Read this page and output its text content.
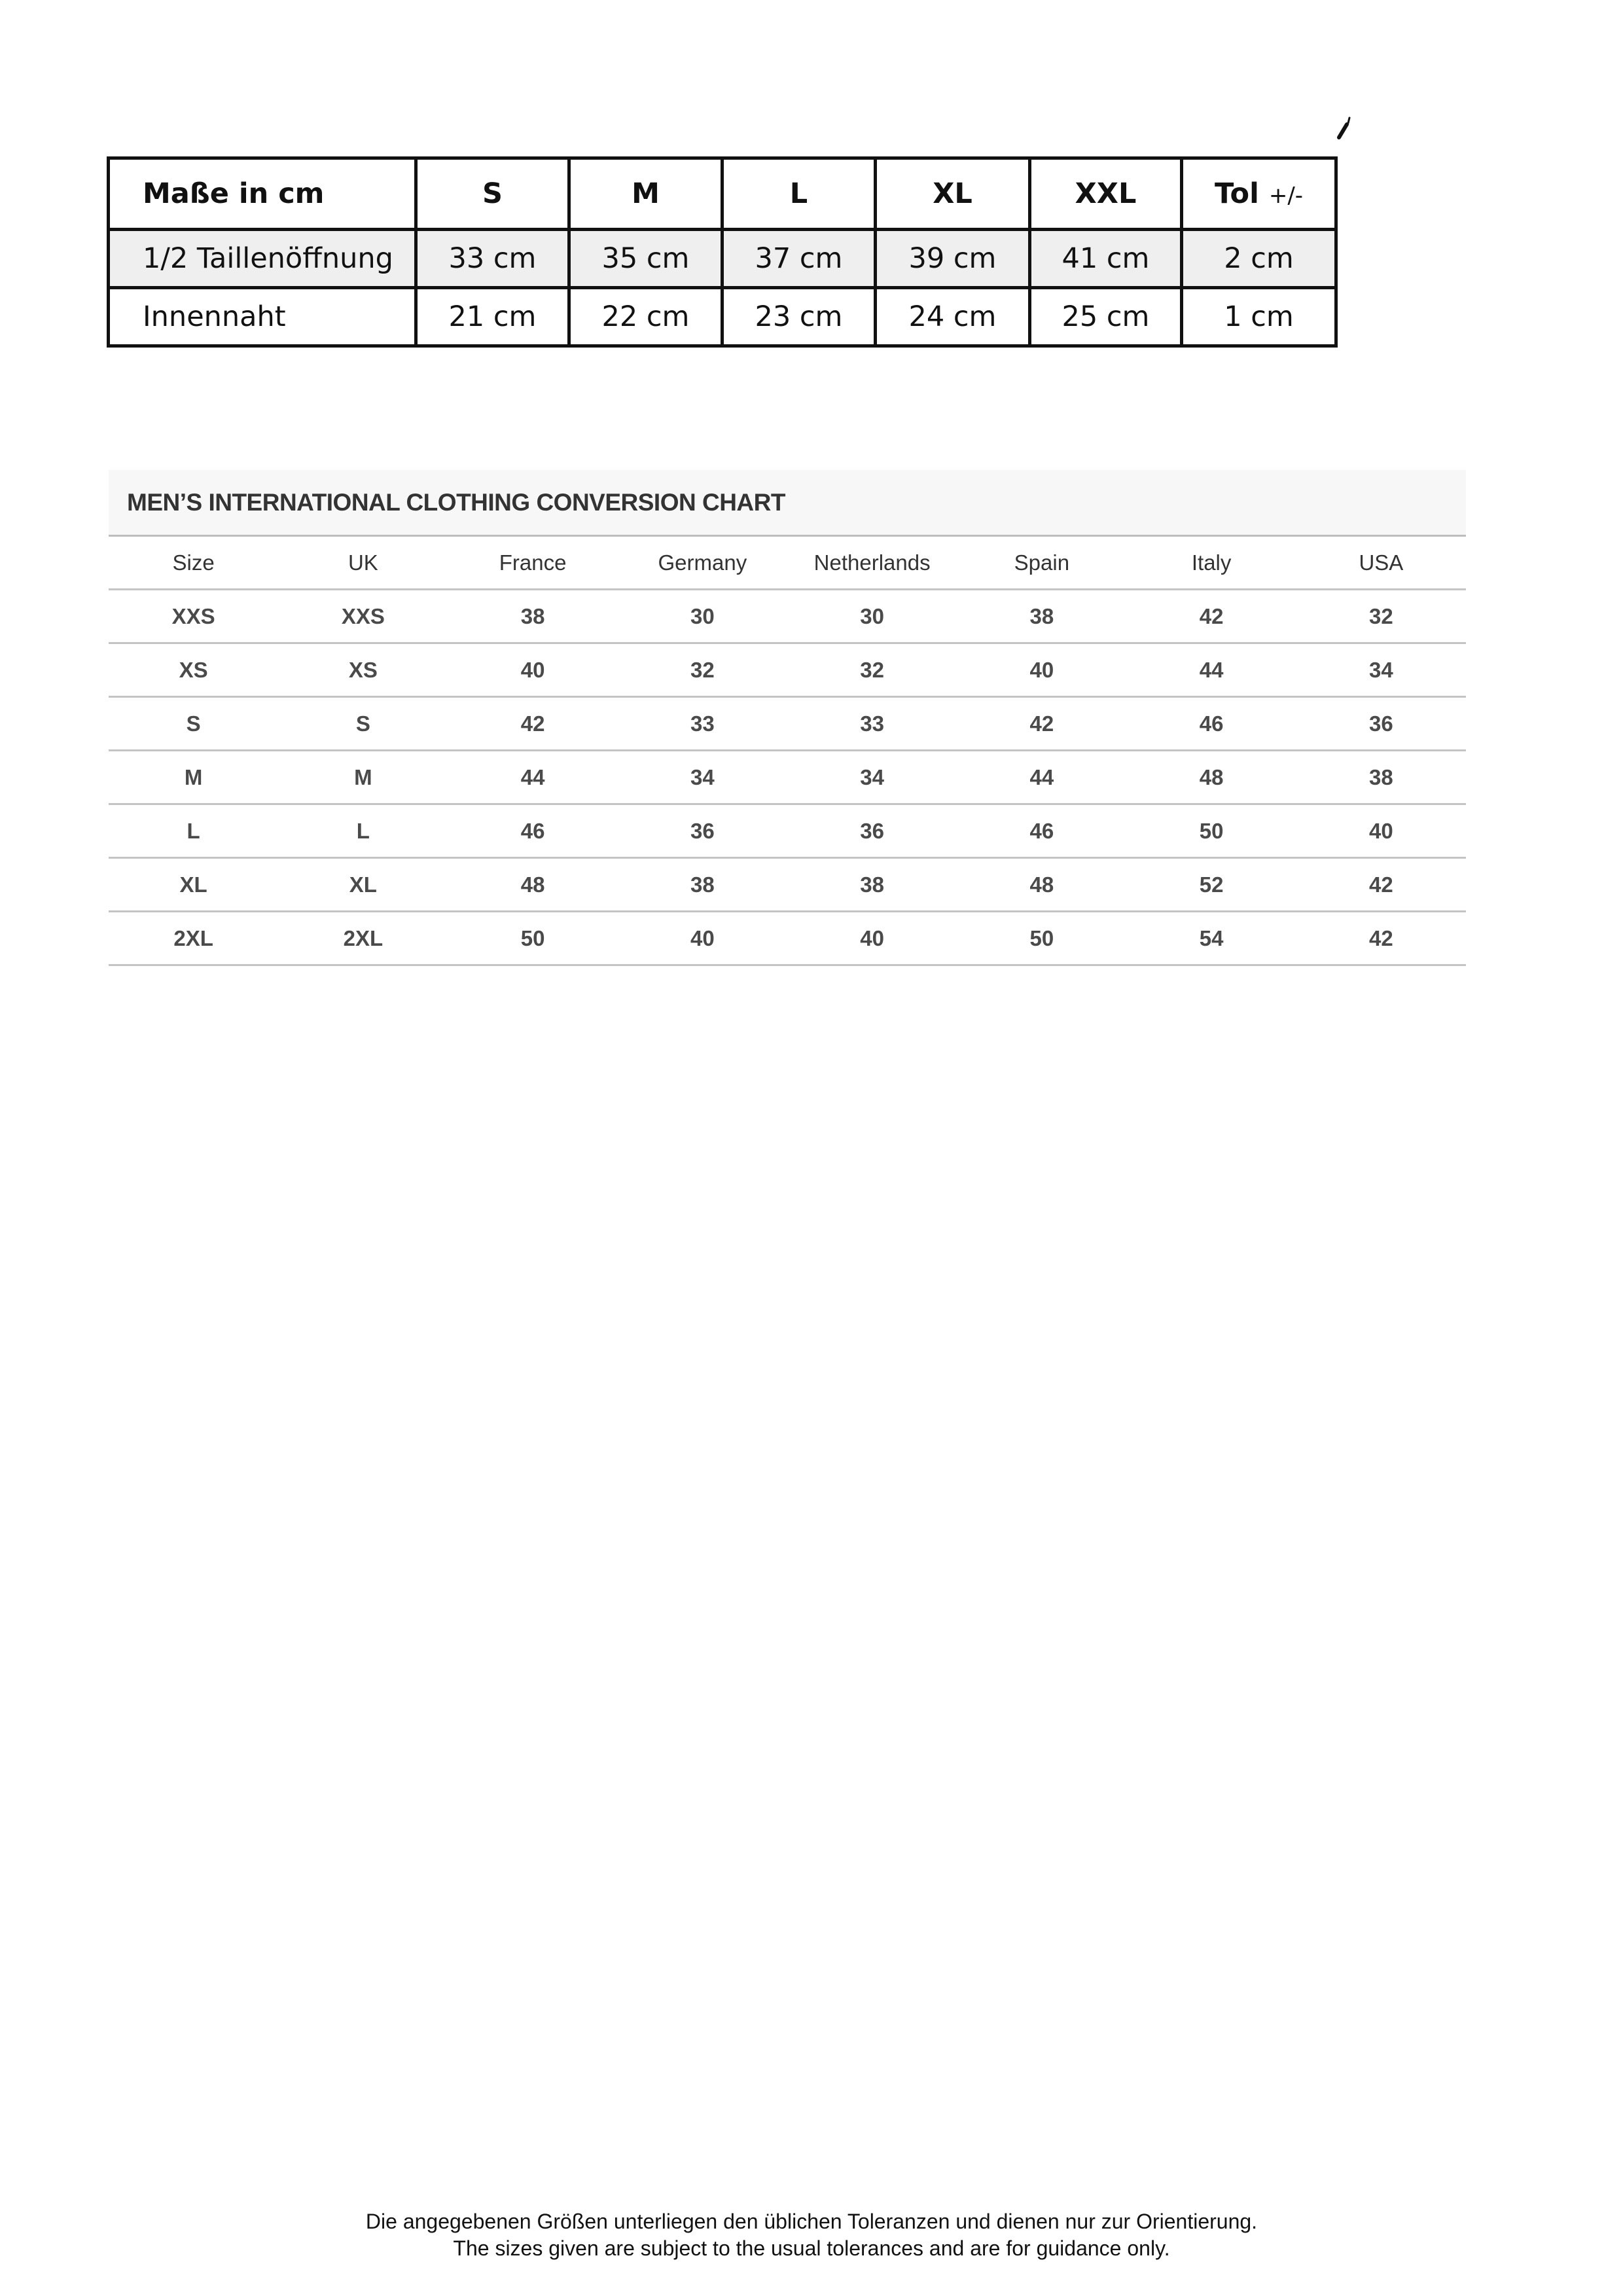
Maße in cm	S	M	L	XL	XXL	Tol +/-
1/2 Taillenöffnung	33 cm	35 cm	37 cm	39 cm	41 cm	2 cm
Innennaht	21 cm	22 cm	23 cm	24 cm	25 cm	1 cm
MEN’S INTERNATIONAL CLOTHING CONVERSION CHART
Size	UK	France	Germany	Netherlands	Spain	Italy	USA
XXS	XXS	38	30	30	38	42	32
XS	XS	40	32	32	40	44	34
S	S	42	33	33	42	46	36
M	M	44	34	34	44	48	38
L	L	46	36	36	46	50	40
XL	XL	48	38	38	48	52	42
2XL	2XL	50	40	40	50	54	42
Die angegebenen Größen unterliegen den üblichen Toleranzen und dienen nur zur Orientierung.
The sizes given are subject to the usual tolerances and are for guidance only.
